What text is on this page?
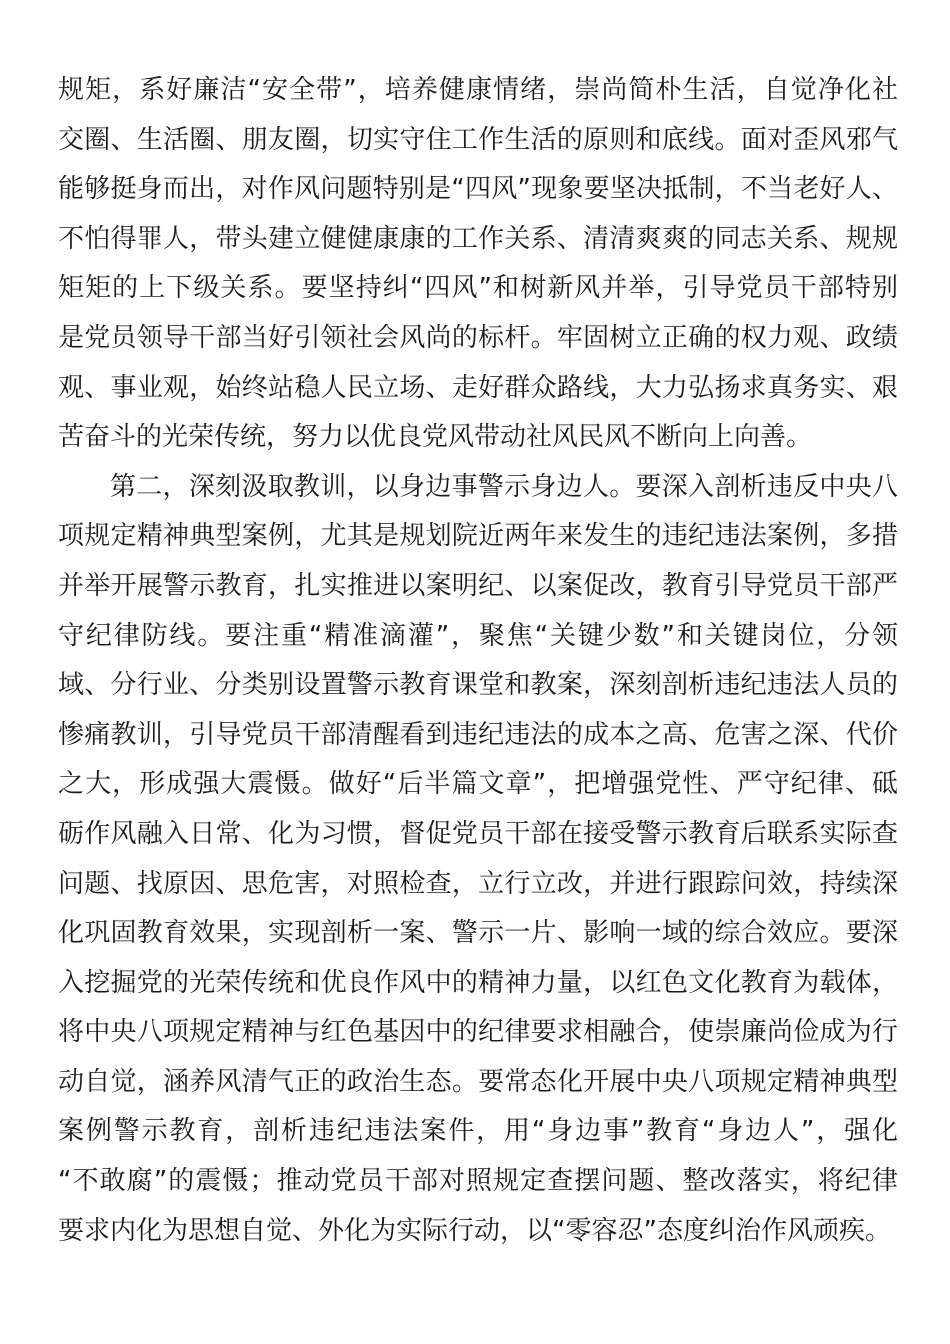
规矩，系好廉洁“安全带”，培养健康情绪，崇尚简朴生活，自觉净化社
交圈、生活圈、朋友圈，切实守住工作生活的原则和底线。面对歪风邪气
能够挺身而出，对作风问题特别是“四风”现象要坚决抵制，不当老好人、
不怕得罪人，带头建立健健康康的工作关系、清清爽爽的同志关系、规规
矩矩的上下级关系。要坚持纠“四风”和树新风并举，引导党员干部特别
是党员领导干部当好引领社会风尚的标杆。牢固树立正确的权力观、政绩
观、事业观，始终站稳人民立场、走好群众路线，大力弘扬求真务实、艰
苦奋斗的光荣传统，努力以优良党风带动社风民风不断向上向善。
第二，深刻汲取教训，以身边事警示身边人。要深入剖析违反中央八
项规定精神典型案例，尤其是规划院近两年来发生的违纪违法案例，多措
并举开展警示教育，扎实推进以案明纪、以案促改，教育引导党员干部严
守纪律防线。要注重“精准滴灌”，聚焦“关键少数”和关键岗位，分领
域、分行业、分类别设置警示教育课堂和教案，深刻剖析违纪违法人员的
惨痛教训，引导党员干部清醒看到违纪违法的成本之高、危害之深、代价
之大，形成强大震慑。做好“后半篇文章”，把增强党性、严守纪律、砥
砺作风融入日常、化为习惯，督促党员干部在接受警示教育后联系实际查
问题、找原因、思危害，对照检查，立行立改，并进行跟踪问效，持续深
化巩固教育效果，实现剖析一案、警示一片、影响一域的综合效应。要深
入挖掘党的光荣传统和优良作风中的精神力量，以红色文化教育为载体，
将中央八项规定精神与红色基因中的纪律要求相融合，使崇廉尚俭成为行
动自觉，涵养风清气正的政治生态。要常态化开展中央八项规定精神典型
案例警示教育，剖析违纪违法案件，用“身边事”教育“身边人”，强化
“不敢腐”的震慑；推动党员干部对照规定查摆问题、整改落实，将纪律
要求内化为思想自觉、外化为实际行动，以“零容忍”态度纠治作风顽疾。
